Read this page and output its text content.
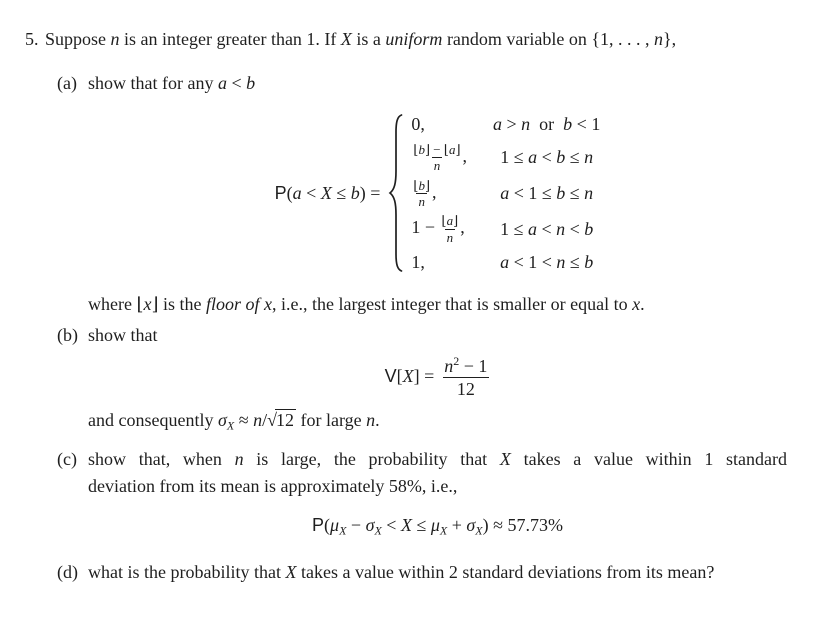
5. Suppose n is an integer greater than 1. If X is a uniform random variable on {1, . . . , n},
(a) show that for any a < b
P(a < X ≤ b) =
0,	a > n  or  b < 1
$\frac{⌊b⌋ - ⌊a⌋}{n}$ , 1 ≤ a < b ≤ n
$\frac{⌊b⌋}{n}$ ,	a < 1 ≤ b ≤ n
$1 - \frac{⌊a⌋}{n}$ , 1 ≤ a < n < b
1,	a < 1 < n ≤ b
where ⌊x⌋ is the floor of x, i.e., the largest integer that is smaller or equal to x.
(b) show that
$V[X] = \frac{n^2 - 1}{12}$
and consequently $\sigma_X \approx n/√12$ for large n.
(c) show that, when n is large, the probability that X takes a value within 1 standard
deviation from its mean is approximately 58%, i.e.,
$P(\mu_X - \sigma_X < X \le \mu_X + \sigma_X) \approx 57.73\%$
(d) what is the probability that X takes a value within 2 standard deviations from its mean?
